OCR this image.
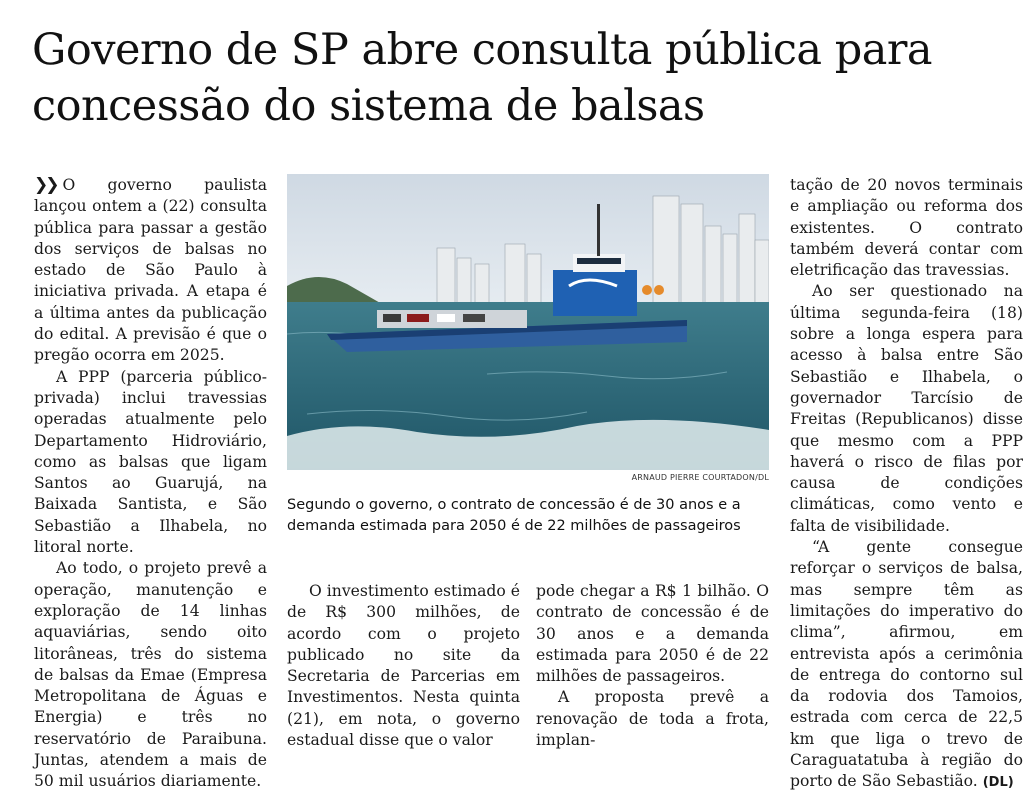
Governo de SP abre consulta pública para concessão do sistema de balsas

❯❯ O governo paulista lançou ontem a (22) consulta pública para passar a gestão dos serviços de balsas no estado de São Paulo à iniciativa privada. A etapa é a última antes da publicação do edital. A previsão é que o pregão ocorra em 2025.

A PPP (parceria público-privada) inclui travessias operadas atualmente pelo Departamento Hidroviário, como as balsas que ligam Santos ao Guarujá, na Baixada Santista, e São Sebastião a Ilhabela, no litoral norte.

Ao todo, o projeto prevê a operação, manutenção e exploração de 14 linhas aquaviárias, sendo oito litorâneas, três do sistema de balsas da Emae (Empresa Metropolitana de Águas e Energia) e três no reservatório de Paraibuna. Juntas, atendem a mais de 50 mil usuários diariamente.

ARNAUD PIERRE COURTADON/DL
Segundo o governo, o contrato de concessão é de 30 anos e a demanda estimada para 2050 é de 22 milhões de passageiros

O investimento estimado é de R$ 300 milhões, de acordo com o projeto publicado no site da Secretaria de Parcerias em Investimentos. Nesta quinta (21), em nota, o governo estadual disse que o valor

pode chegar a R$ 1 bilhão. O contrato de concessão é de 30 anos e a demanda estimada para 2050 é de 22 milhões de passageiros.

A proposta prevê a renovação de toda a frota, implan-

tação de 20 novos terminais e ampliação ou reforma dos existentes. O contrato também deverá contar com eletrificação das travessias.

Ao ser questionado na última segunda-feira (18) sobre a longa espera para acesso à balsa entre São Sebastião e Ilhabela, o governador Tarcísio de Freitas (Republicanos) disse que mesmo com a PPP haverá o risco de filas por causa de condições climáticas, como vento e falta de visibilidade.

“A gente consegue reforçar o serviços de balsa, mas sempre têm as limitações do imperativo do clima”, afirmou, em entrevista após a cerimônia de entrega do contorno sul da rodovia dos Tamoios, estrada com cerca de 22,5 km que liga o trevo de Caraguatatuba à região do porto de São Sebastião. (DL)
